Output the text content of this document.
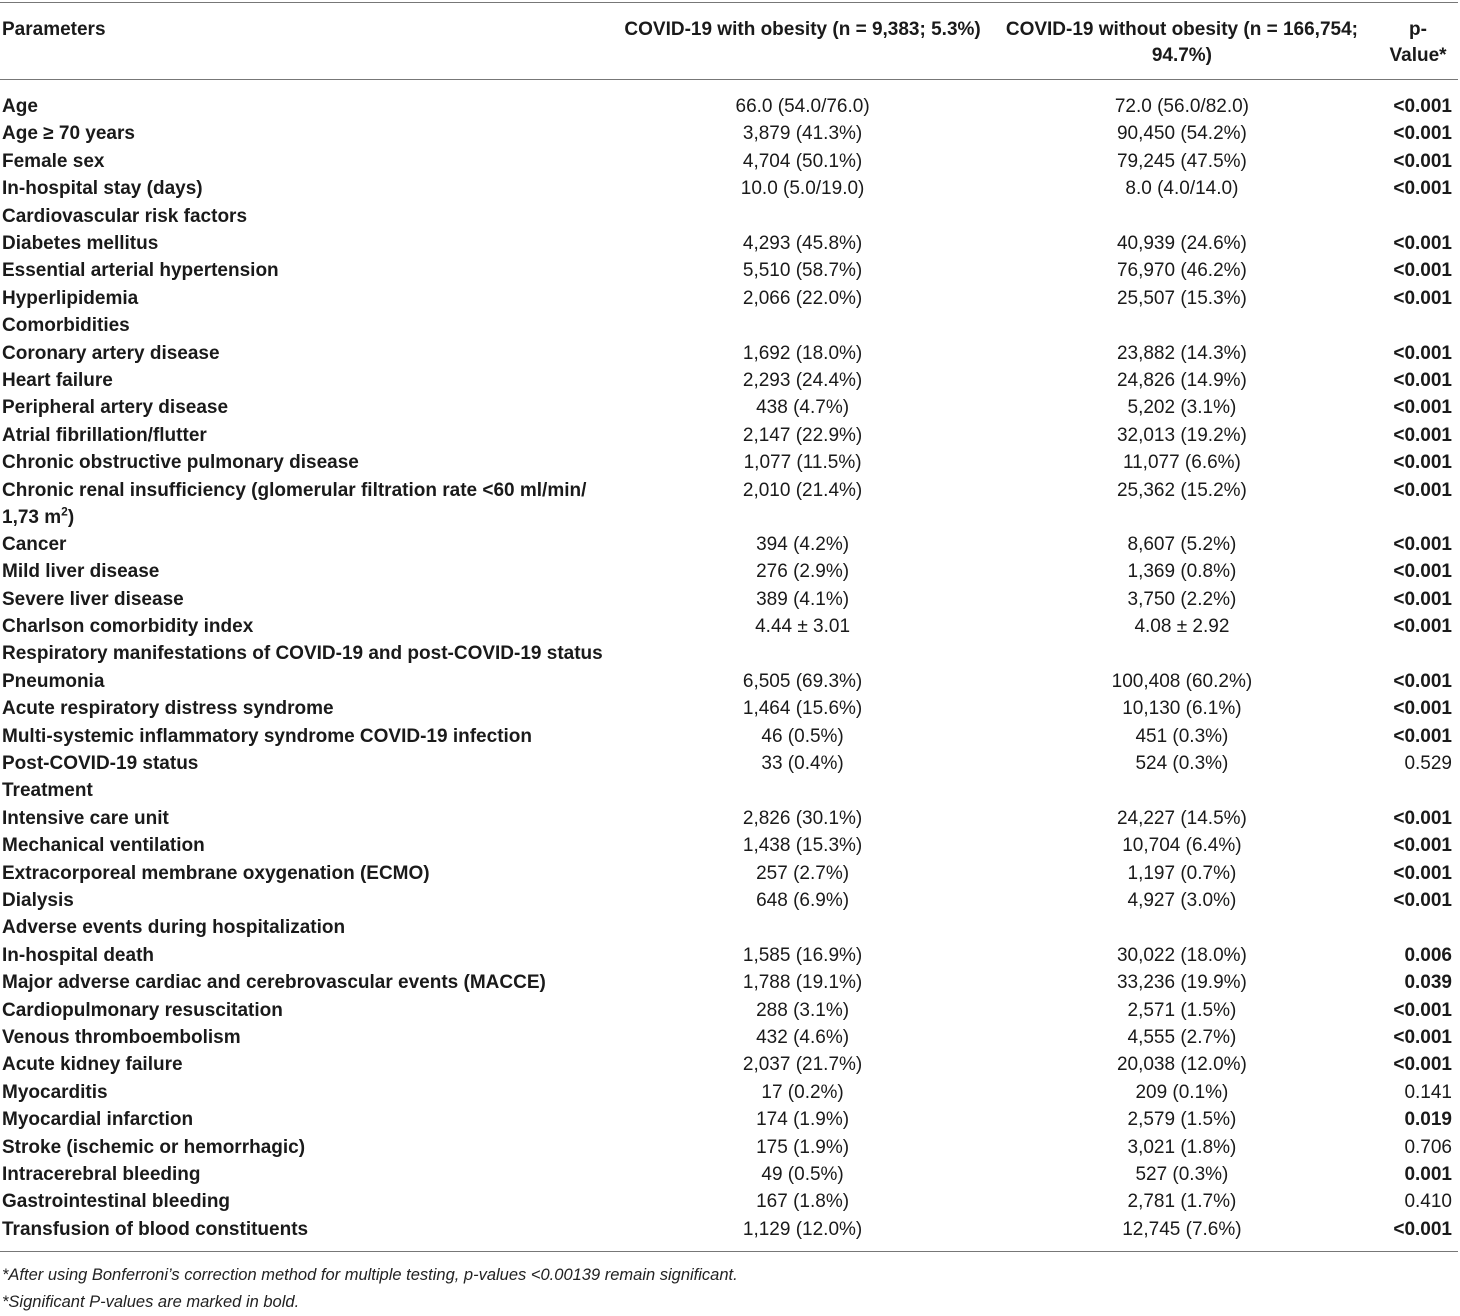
Parameters	COVID-19 with obesity (n = 9,383; 5.3%)	COVID-19 without obesity (n = 166,754; 94.7%)	p-Value*
Age	66.0 (54.0/76.0)	72.0 (56.0/82.0)	<0.001
Age ≥ 70 years	3,879 (41.3%)	90,450 (54.2%)	<0.001
Female sex	4,704 (50.1%)	79,245 (47.5%)	<0.001
In-hospital stay (days)	10.0 (5.0/19.0)	8.0 (4.0/14.0)	<0.001
Cardiovascular risk factors			
Diabetes mellitus	4,293 (45.8%)	40,939 (24.6%)	<0.001
Essential arterial hypertension	5,510 (58.7%)	76,970 (46.2%)	<0.001
Hyperlipidemia	2,066 (22.0%)	25,507 (15.3%)	<0.001
Comorbidities			
Coronary artery disease	1,692 (18.0%)	23,882 (14.3%)	<0.001
Heart failure	2,293 (24.4%)	24,826 (14.9%)	<0.001
Peripheral artery disease	438 (4.7%)	5,202 (3.1%)	<0.001
Atrial fibrillation/flutter	2,147 (22.9%)	32,013 (19.2%)	<0.001
Chronic obstructive pulmonary disease	1,077 (11.5%)	11,077 (6.6%)	<0.001
Chronic renal insufficiency (glomerular filtration rate <60 ml/min/
1,73 $m^2$)	2,010 (21.4%)	25,362 (15.2%)	<0.001
Cancer	394 (4.2%)	8,607 (5.2%)	<0.001
Mild liver disease	276 (2.9%)	1,369 (0.8%)	<0.001
Severe liver disease	389 (4.1%)	3,750 (2.2%)	<0.001
Charlson comorbidity index	4.44 ± 3.01	4.08 ± 2.92	<0.001
Respiratory manifestations of COVID-19 and post-COVID-19 status			
Pneumonia	6,505 (69.3%)	100,408 (60.2%)	<0.001
Acute respiratory distress syndrome	1,464 (15.6%)	10,130 (6.1%)	<0.001
Multi-systemic inflammatory syndrome COVID-19 infection	46 (0.5%)	451 (0.3%)	<0.001
Post-COVID-19 status	33 (0.4%)	524 (0.3%)	0.529
Treatment			
Intensive care unit	2,826 (30.1%)	24,227 (14.5%)	<0.001
Mechanical ventilation	1,438 (15.3%)	10,704 (6.4%)	<0.001
Extracorporeal membrane oxygenation (ECMO)	257 (2.7%)	1,197 (0.7%)	<0.001
Dialysis	648 (6.9%)	4,927 (3.0%)	<0.001
Adverse events during hospitalization			
In-hospital death	1,585 (16.9%)	30,022 (18.0%)	0.006
Major adverse cardiac and cerebrovascular events (MACCE)	1,788 (19.1%)	33,236 (19.9%)	0.039
Cardiopulmonary resuscitation	288 (3.1%)	2,571 (1.5%)	<0.001
Venous thromboembolism	432 (4.6%)	4,555 (2.7%)	<0.001
Acute kidney failure	2,037 (21.7%)	20,038 (12.0%)	<0.001
Myocarditis	17 (0.2%)	209 (0.1%)	0.141
Myocardial infarction	174 (1.9%)	2,579 (1.5%)	0.019
Stroke (ischemic or hemorrhagic)	175 (1.9%)	3,021 (1.8%)	0.706
Intracerebral bleeding	49 (0.5%)	527 (0.3%)	0.001
Gastrointestinal bleeding	167 (1.8%)	2,781 (1.7%)	0.410
Transfusion of blood constituents	1,129 (12.0%)	12,745 (7.6%)	<0.001
*After using Bonferroni’s correction method for multiple testing, p-values <0.00139 remain significant.
*Significant P-values are marked in bold.
